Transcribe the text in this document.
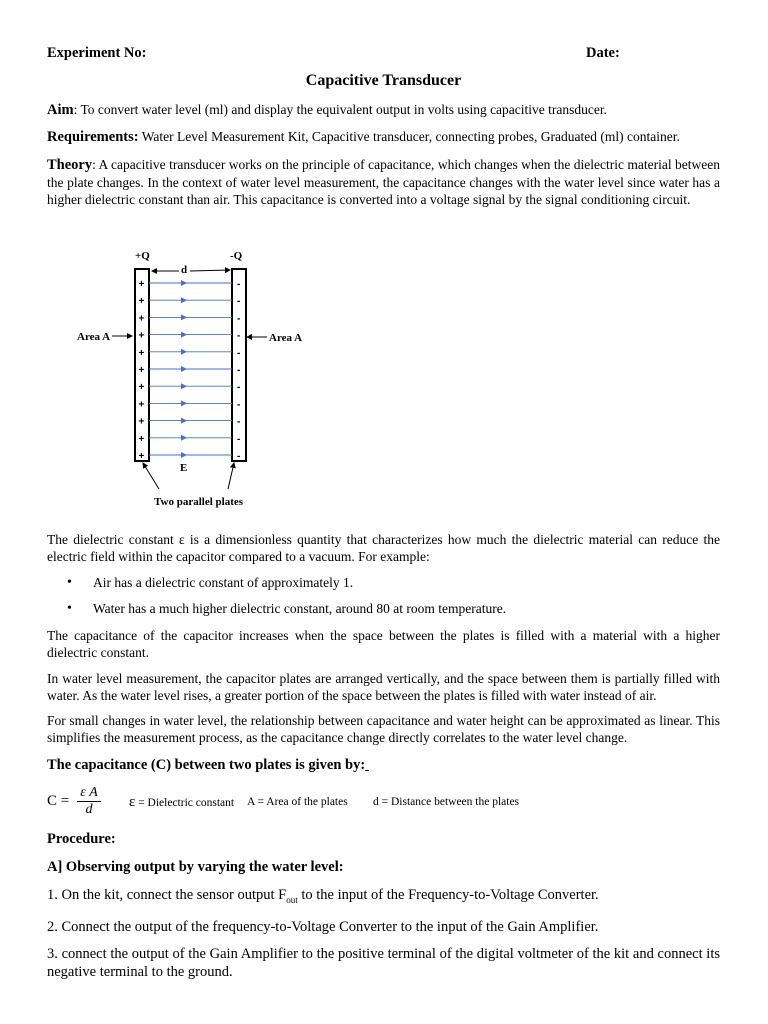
Experiment No:	Date:
Capacitive Transducer

Aim: To convert water level (ml) and display the equivalent output in volts using capacitive transducer.

Requirements: Water Level Measurement Kit, Capacitive transducer, connecting probes, Graduated (ml) container.

Theory: A capacitive transducer works on the principle of capacitance, which changes when the dielectric material between the plate changes. In the context of water level measurement, the capacitance changes with the water level since water has a higher dielectric constant than air. This capacitance is converted into a voltage signal by the signal conditioning circuit.

+Q	-Q
d
Area A	Area A
E
Two parallel plates
+
+
+
+
+
+
+
+
+
+
+
-
-
-
-
-
-
-
-
-
-
-

The dielectric constant ε is a dimensionless quantity that characterizes how much the dielectric material can reduce the electric field within the capacitor compared to a vacuum. For example:

• Air has a dielectric constant of approximately 1.
• Water has a much higher dielectric constant, around 80 at room temperature.

The capacitance of the capacitor increases when the space between the plates is filled with a material with a higher dielectric constant.

In water level measurement, the capacitor plates are arranged vertically, and the space between them is partially filled with water. As the water level rises, a greater portion of the space between the plates is filled with water instead of air.

For small changes in water level, the relationship between capacitance and water height can be approximated as linear. This simplifies the measurement process, as the capacitance change directly correlates to the water level change.

The capacitance (C) between two plates is given by:
C =
ε A
d	ε = Dielectric constant A = Area of the plates d = Distance between the plates

Procedure:

A] Observing output by varying the water level:

1. On the kit, connect the sensor output $F_{out}$ to the input of the Frequency-to-Voltage Converter.

2. Connect the output of the frequency-to-Voltage Converter to the input of the Gain Amplifier.

3. connect the output of the Gain Amplifier to the positive terminal of the digital voltmeter of the kit and connect its negative terminal to the ground.
